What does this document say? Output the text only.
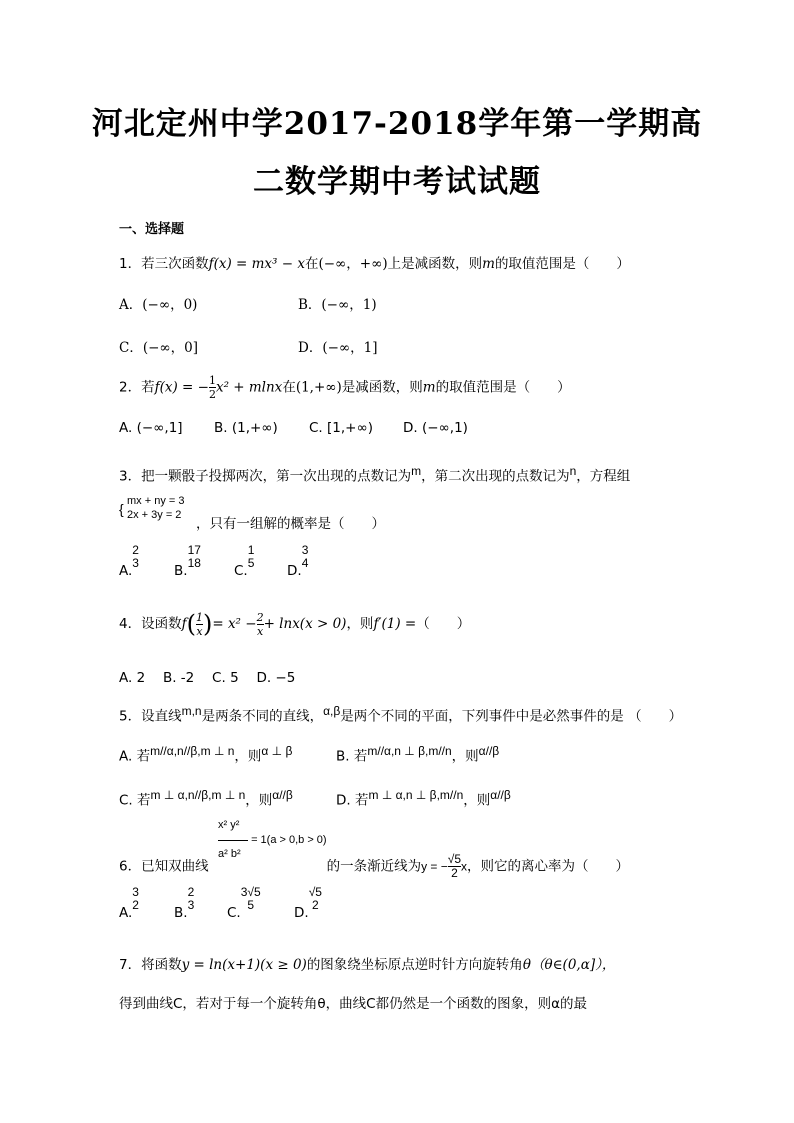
河北定州中学2017-2018学年第一学期高
二数学期中考试试题
一、选择题
1．若三次函数f(x) = mx³ − x在(−∞，+∞)上是减函数，则m的取值范围是（　　）
A．(−∞，0)	B．(−∞，1)
C．(−∞，0]	D．(−∞，1]
2．若f(x) = − $\frac{1}{2} x^2 + mlnx$在(1,+∞)是减函数，则m的取值范围是（　　）
A. (−∞,1] B. (1,+∞) C. [1,+∞) D. (−∞,1)
3．把一颗骰子投掷两次，第一次出现的点数记为$^m$，第二次出现的点数记为$^n$，方程组
{ mx + ny = 3
2x + 3y = 2
，只有一组解的概率是（　　）
A.
2
3	B.
17
18 C.
1
5 D.
3
4
4．设函数$f( \frac{1}{x}$ )= $x^2 - \frac{2}{x} + \ln x(x > 0)$，则f′(1) =（　　）
A. 2　 B. -2　 C. 5　 D. −5
5．设直线$^{m,n}$是两条不同的直线，$^{\alpha,\beta}$是两个不同的平面，下列事件中是必然事件的是 （　　）
A. 若$^{m//\alpha,n//\beta,m \perp n}$，则$^{\alpha \perp \beta}$	B. 若$^{m//\alpha,n \perp \beta,m//n}$，则$^{\alpha//\beta}$
C. 若$^{m \perp \alpha,n//\beta,m \perp n}$，则$^{\alpha//\beta}$	D. 若$^{m \perp \alpha,n \perp \beta,m//n}$，则$^{\alpha//\beta}$
x² y²
= 1(a > 0,b > 0)
a² b²
6．已知双曲线	的一条渐近线为y = − $\frac{√5}{2}$ x，则它的离心率为（　　）
A.
3
2	B.
2
3 C.
3√5
5	D.
√5
2
7．将函数y = ln(x+1)(x ≥ 0)的图象绕坐标原点逆时针方向旋转角θ（θ∈(0,α]），
得到曲线C，若对于每一个旋转角θ，曲线C都仍然是一个函数的图象，则α的最
